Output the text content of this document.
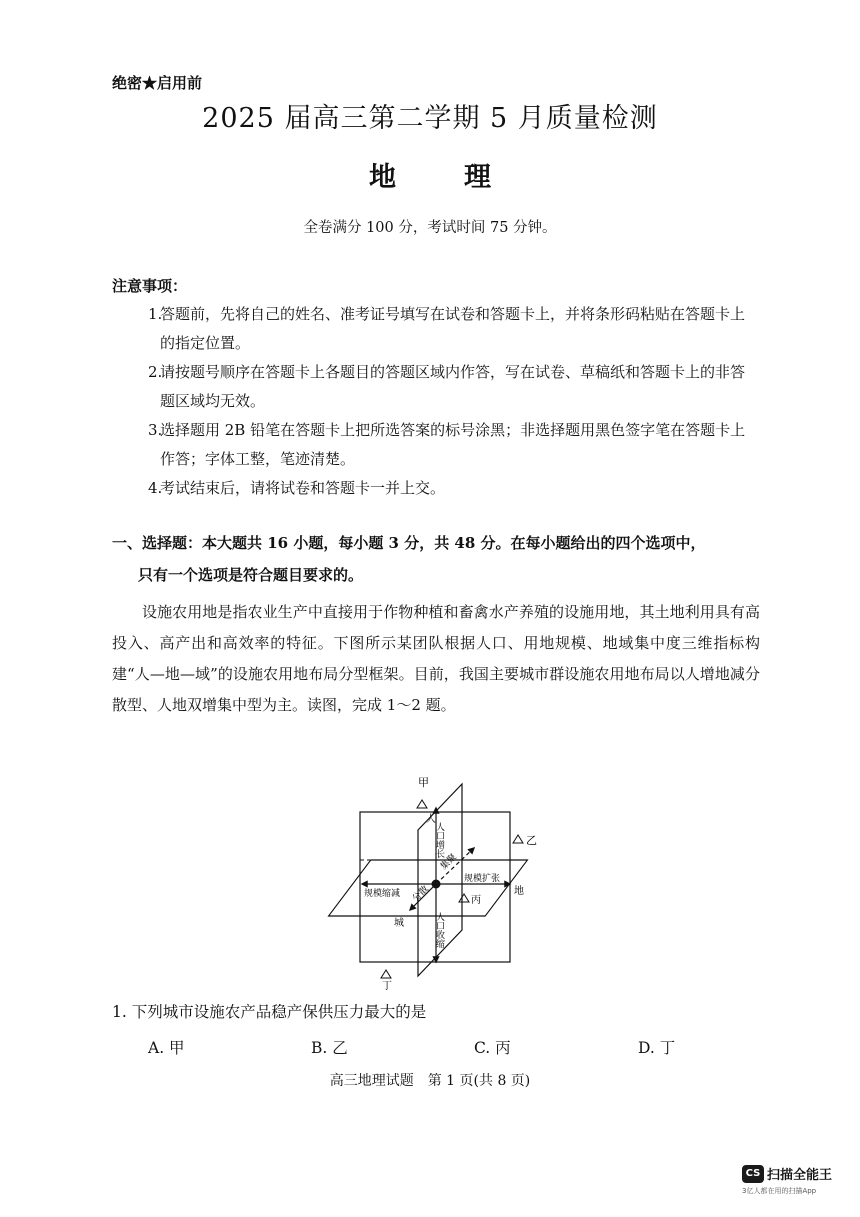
绝密★启用前
2025 届高三第二学期 5 月质量检测
地	理
全卷满分 100 分，考试时间 75 分钟。
注意事项：
1.
答题前，先将自己的姓名、准考证号填写在试卷和答题卡上，并将条形码粘贴在答题卡上的指定位置。
2.
请按题号顺序在答题卡上各题目的答题区域内作答，写在试卷、草稿纸和答题卡上的非答题区域均无效。
3.
选择题用 2B 铅笔在答题卡上把所选答案的标号涂黑；非选择题用黑色签字笔在答题卡上作答；字体工整，笔迹清楚。
4.
考试结束后，请将试卷和答题卡一并上交。
一、选择题：本大题共 16 小题，每小题 3 分，共 48 分。在每小题给出的四个选项中，
只有一个选项是符合题目要求的。

设施农用地是指农业生产中直接用于作物种植和畜禽水产养殖的设施用地，其土地利用具有高投入、高产出和高效率的特征。下图所示某团队根据人口、用地规模、地域集中度三维指标构建“人—地—域”的设施农用地布局分型框架。目前，我国主要城市群设施农用地布局以人增地减分散型、人地双增集中型为主。读图，完成 1～2 题。

甲
人
乙
丙
丁
人口增长
人口收缩
规模扩张
地
规模缩减
城
集聚
分散
1. 下列城市设施农产品稳产保供压力最大的是
A. 甲	B. 乙	C. 丙	D. 丁
高三地理试题　第 1 页(共 8 页)
CS 扫描全能王
3亿人都在用的扫描App
